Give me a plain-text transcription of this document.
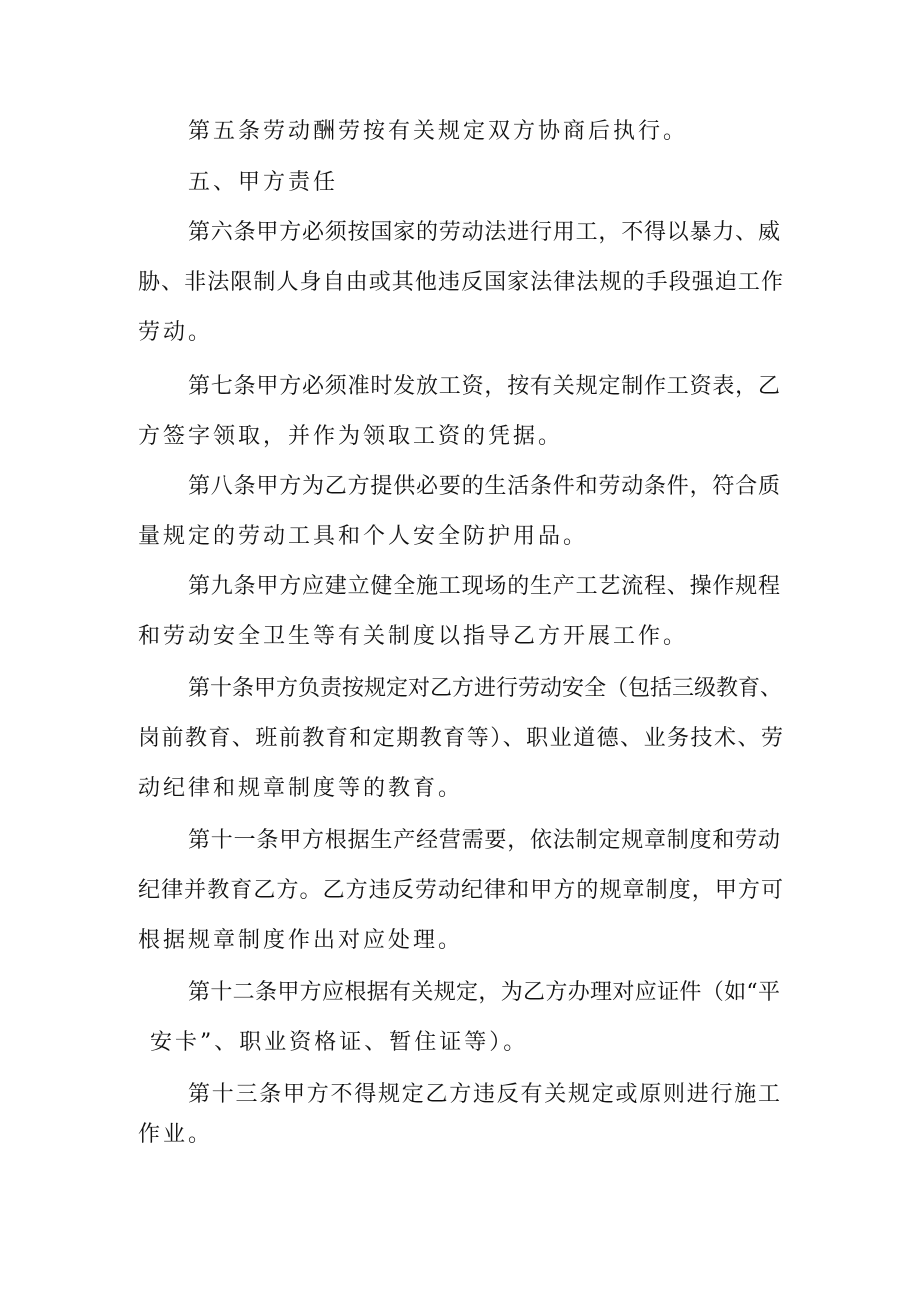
第五条劳动酬劳按有关规定双方协商后执行。
五、甲方责任
第六条甲方必须按国家的劳动法进行用工，不得以暴力、威
胁、非法限制人身自由或其他违反国家法律法规的手段强迫工作
劳动。
第七条甲方必须准时发放工资，按有关规定制作工资表，乙
方签字领取，并作为领取工资的凭据。
第八条甲方为乙方提供必要的生活条件和劳动条件，符合质
量规定的劳动工具和个人安全防护用品。
第九条甲方应建立健全施工现场的生产工艺流程、操作规程
和劳动安全卫生等有关制度以指导乙方开展工作。
第十条甲方负责按规定对乙方进行劳动安全（包括三级教育、
岗前教育、班前教育和定期教育等）、职业道德、业务技术、劳
动纪律和规章制度等的教育。
第十一条甲方根据生产经营需要，依法制定规章制度和劳动
纪律并教育乙方。乙方违反劳动纪律和甲方的规章制度，甲方可
根据规章制度作出对应处理。
第十二条甲方应根据有关规定，为乙方办理对应证件（如“平
安卡”、职业资格证、暂住证等）。
第十三条甲方不得规定乙方违反有关规定或原则进行施工
作业。
